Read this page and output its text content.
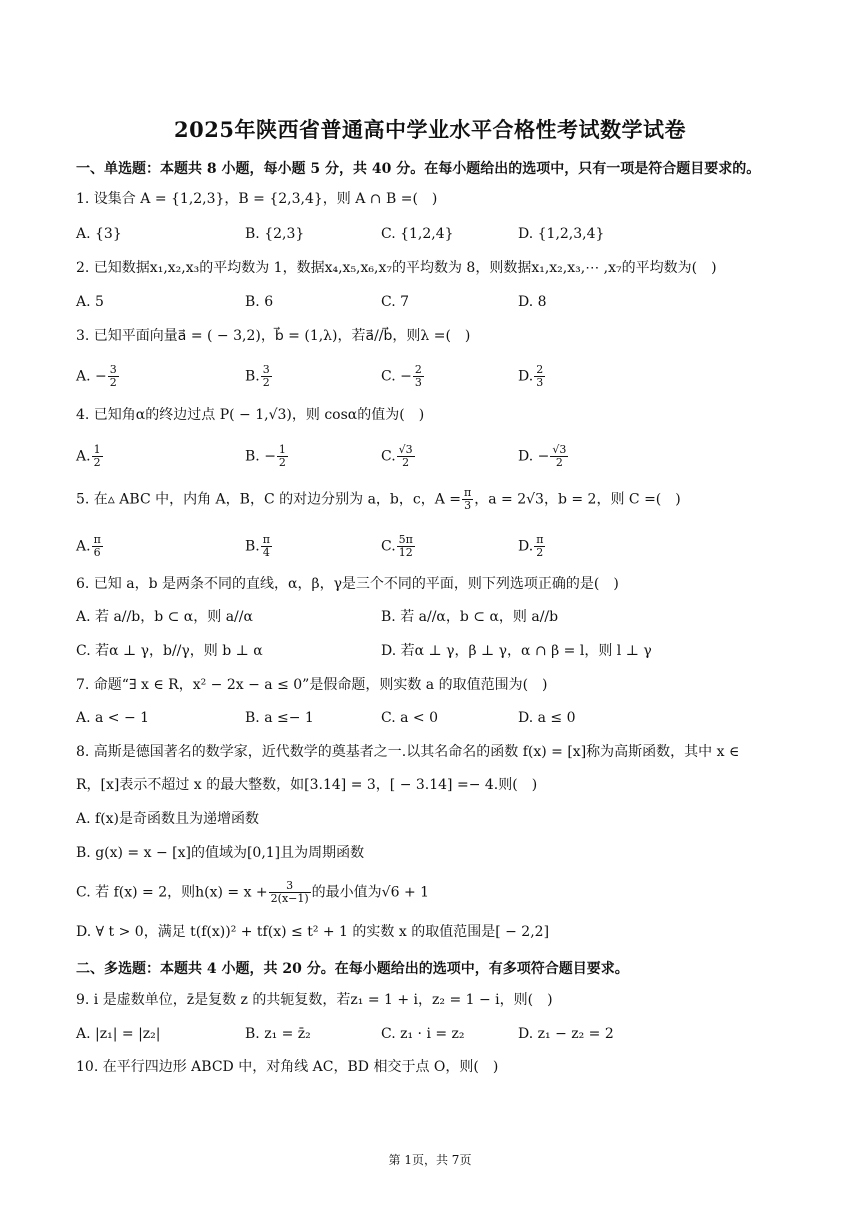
2025年陕西省普通高中学业水平合格性考试数学试卷
一、单选题：本题共 8 小题，每小题 5 分，共 40 分。在每小题给出的选项中，只有一项是符合题目要求的。
1. 设集合 A = {1,2,3}，B = {2,3,4}，则 A ∩ B =(　)
A. {3}	B. {2,3}	C. {1,2,4}	D. {1,2,3,4}
2. 已知数据x₁,x₂,x₃的平均数为 1，数据x₄,x₅,x₆,x₇的平均数为 8，则数据x₁,x₂,x₃,⋯ ,x₇的平均数为(　)
A. 5	B. 6	C. 7	D. 8
3. 已知平面向量a⃗ = ( − 3,2)，b⃗ = (1,λ)，若a⃗//b⃗，则λ =(　)
A. − $\frac{3}{2}$	B. $\frac{3}{2}$	C. − $\frac{2}{3}$	D. $\frac{2}{3}$
4. 已知角α的终边过点 P( − 1,√3)，则 cosα的值为(　)
A. $\frac{1}{2}$	B. − $\frac{1}{2}$	C. $\frac{√3}{2}$	D. − $\frac{√3}{2}$
5. 在▵ ABC 中，内角 A，B，C 的对边分别为 a，b，c，$A = \frac{\pi}{3}$ ，a = 2√3，b = 2，则 C =(　)
A. $\frac{\pi}{6}$	B. $\frac{\pi}{4}$	C. $\frac{5\pi}{12}$	D. $\frac{\pi}{2}$
6. 已知 a，b 是两条不同的直线，α，β，γ是三个不同的平面，则下列选项正确的是(　)
A. 若 a//b，b ⊂ α，则 a//α	B. 若 a//α，b ⊂ α，则 a//b
C. 若α ⊥ γ，b//γ，则 b ⊥ α	D. 若α ⊥ γ，β ⊥ γ，α ∩ β = l，则 l ⊥ γ
7. 命题“∃ x ∈ R，x² − 2x − a ≤ 0”是假命题，则实数 a 的取值范围为(　)
A. a < − 1	B. a ≤− 1	C. a < 0	D. a ≤ 0
8. 高斯是德国著名的数学家，近代数学的奠基者之一.以其名命名的函数 f(x) = [x]称为高斯函数，其中 x ∈
R，[x]表示不超过 x 的最大整数，如[3.14] = 3，[ − 3.14] =− 4.则(　)
A. f(x)是奇函数且为递增函数
B. g(x) = x − [x]的值域为[0,1]且为周期函数
C. 若 f(x) = 2，则$h(x) = x + \frac{3}{2(x-1)}$ 的最小值为√6 + 1
D. ∀ t > 0，满足 t(f(x))² + tf(x) ≤ t² + 1 的实数 x 的取值范围是[ − 2,2]
二、多选题：本题共 4 小题，共 20 分。在每小题给出的选项中，有多项符合题目要求。
9. i 是虚数单位，z̄是复数 z 的共轭复数，若z₁ = 1 + i，z₂ = 1 − i，则(　)
A. |z₁| = |z₂|	B. z₁ = z̄₂	C. z₁ · i = z₂	D. z₁ − z₂ = 2
10. 在平行四边形 ABCD 中，对角线 AC，BD 相交于点 O，则(　)
第 1页，共 7页
